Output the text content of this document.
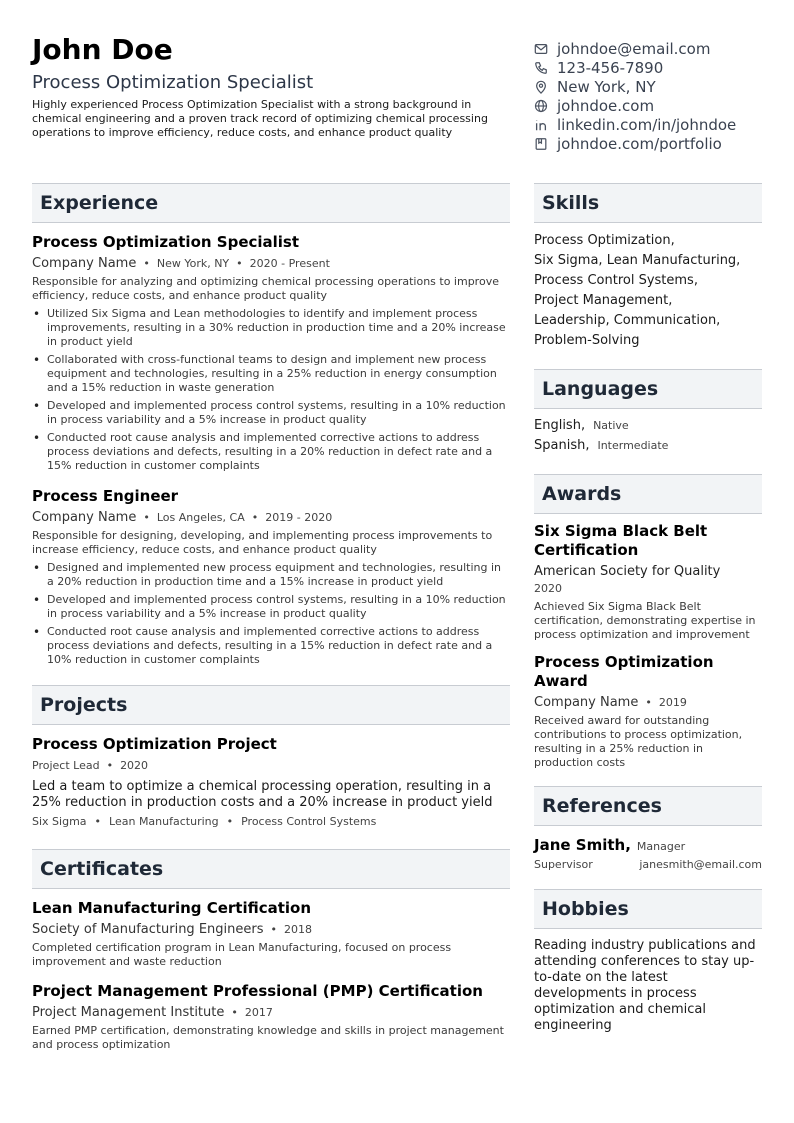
John Doe
Process Optimization Specialist
Highly experienced Process Optimization Specialist with a strong background in chemical engineering and a proven track record of optimizing chemical processing operations to improve efficiency, reduce costs, and enhance product quality
johndoe@email.com
123-456-7890
New York, NY
johndoe.com
linkedin.com/in/johndoe
johndoe.com/portfolio
Experience
Process Optimization Specialist
Company Name • New York, NY • 2020 - Present
Responsible for analyzing and optimizing chemical processing operations to improve efficiency, reduce costs, and enhance product quality
• Utilized Six Sigma and Lean methodologies to identify and implement process improvements, resulting in a 30% reduction in production time and a 20% increase in product yield
• Collaborated with cross-functional teams to design and implement new process equipment and technologies, resulting in a 25% reduction in energy consumption and a 15% reduction in waste generation
• Developed and implemented process control systems, resulting in a 10% reduction in process variability and a 5% increase in product quality
• Conducted root cause analysis and implemented corrective actions to address process deviations and defects, resulting in a 20% reduction in defect rate and a 15% reduction in customer complaints
Process Engineer
Company Name • Los Angeles, CA • 2019 - 2020
Responsible for designing, developing, and implementing process improvements to increase efficiency, reduce costs, and enhance product quality
• Designed and implemented new process equipment and technologies, resulting in a 20% reduction in production time and a 15% increase in product yield
• Developed and implemented process control systems, resulting in a 10% reduction in process variability and a 5% increase in product quality
• Conducted root cause analysis and implemented corrective actions to address process deviations and defects, resulting in a 15% reduction in defect rate and a 10% reduction in customer complaints
Projects
Process Optimization Project
Project Lead • 2020
Led a team to optimize a chemical processing operation, resulting in a 25% reduction in production costs and a 20% increase in product yield
Six Sigma • Lean Manufacturing • Process Control Systems
Certificates
Lean Manufacturing Certification
Society of Manufacturing Engineers • 2018
Completed certification program in Lean Manufacturing, focused on process improvement and waste reduction
Project Management Professional (PMP) Certification
Project Management Institute • 2017
Earned PMP certification, demonstrating knowledge and skills in project management and process optimization
Skills
Process Optimization,
Six Sigma, Lean Manufacturing,
Process Control Systems,
Project Management,
Leadership, Communication,
Problem-Solving
Languages
English, Native
Spanish, Intermediate
Awards
Six Sigma Black Belt Certification
American Society for Quality
2020
Achieved Six Sigma Black Belt certification, demonstrating expertise in process optimization and improvement
Process Optimization Award
Company Name • 2019
Received award for outstanding contributions to process optimization, resulting in a 25% reduction in production costs
References
Jane Smith, Manager
Supervisor	janesmith@email.com
Hobbies
Reading industry publications and attending conferences to stay up-to-date on the latest developments in process optimization and chemical engineering
